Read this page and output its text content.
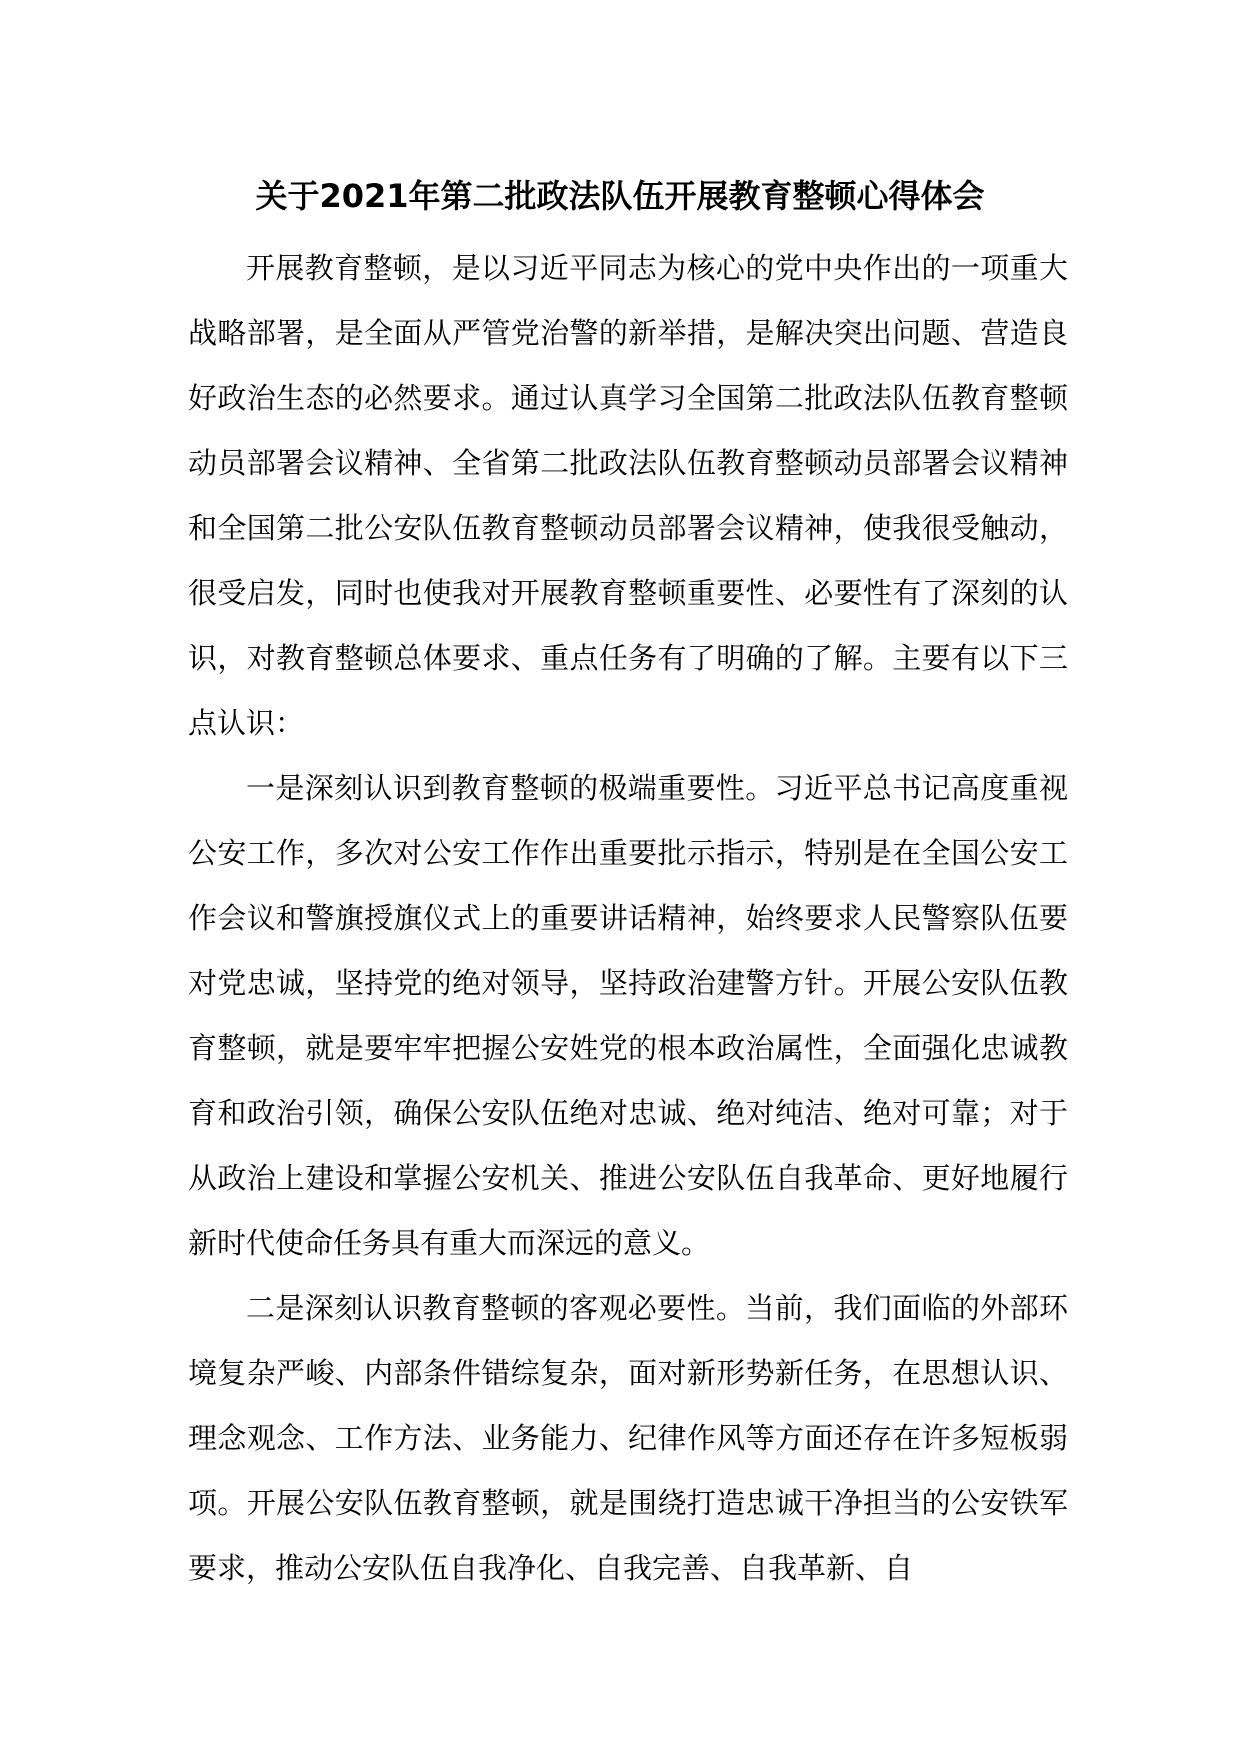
关于2021年第二批政法队伍开展教育整顿心得体会

开展教育整顿，是以习近平同志为核心的党中央作出的一项重大战略部署，是全面从严管党治警的新举措，是解决突出问题、营造良好政治生态的必然要求。通过认真学习全国第二批政法队伍教育整顿动员部署会议精神、全省第二批政法队伍教育整顿动员部署会议精神和全国第二批公安队伍教育整顿动员部署会议精神，使我很受触动，很受启发，同时也使我对开展教育整顿重要性、必要性有了深刻的认识，对教育整顿总体要求、重点任务有了明确的了解。主要有以下三点认识：

一是深刻认识到教育整顿的极端重要性。习近平总书记高度重视公安工作，多次对公安工作作出重要批示指示，特别是在全国公安工作会议和警旗授旗仪式上的重要讲话精神，始终要求人民警察队伍要对党忠诚，坚持党的绝对领导，坚持政治建警方针。开展公安队伍教育整顿，就是要牢牢把握公安姓党的根本政治属性，全面强化忠诚教育和政治引领，确保公安队伍绝对忠诚、绝对纯洁、绝对可靠；对于从政治上建设和掌握公安机关、推进公安队伍自我革命、更好地履行新时代使命任务具有重大而深远的意义。

二是深刻认识教育整顿的客观必要性。当前，我们面临的外部环境复杂严峻、内部条件错综复杂，面对新形势新任务，在思想认识、理念观念、工作方法、业务能力、纪律作风等方面还存在许多短板弱项。开展公安队伍教育整顿，就是围绕打造忠诚干净担当的公安铁军要求，推动公安队伍自我净化、自我完善、自我革新、自
